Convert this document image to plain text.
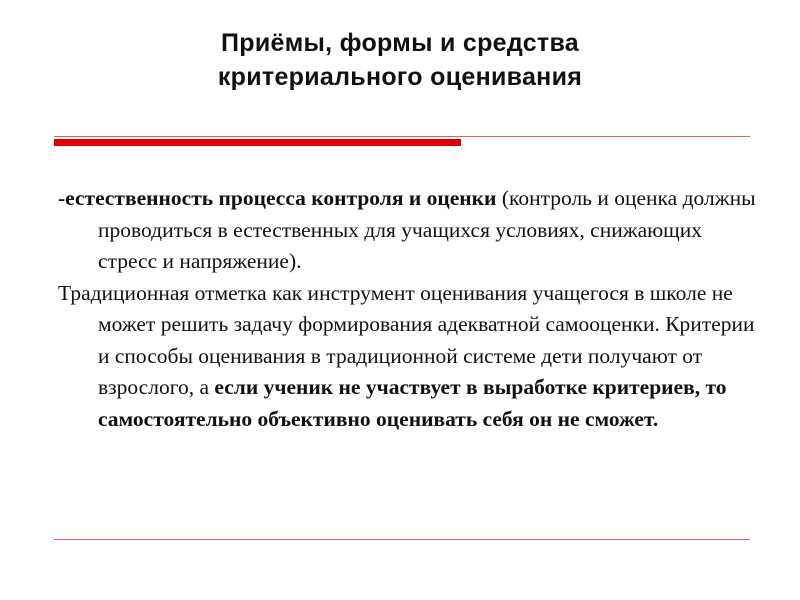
Приёмы, формы и средства
критериального оценивания

-естественность процесса контроля и оценки (контроль и оценка должны проводиться в естественных для учащихся условиях, снижающих стресс и напряжение).

Традиционная отметка как инструмент оценивания учащегося в школе не может решить задачу формирования адекватной самооценки. Критерии и способы оценивания в традиционной системе дети получают от взрослого, а если ученик не участвует в выработке критериев, то самостоятельно объективно оценивать себя он не сможет.
